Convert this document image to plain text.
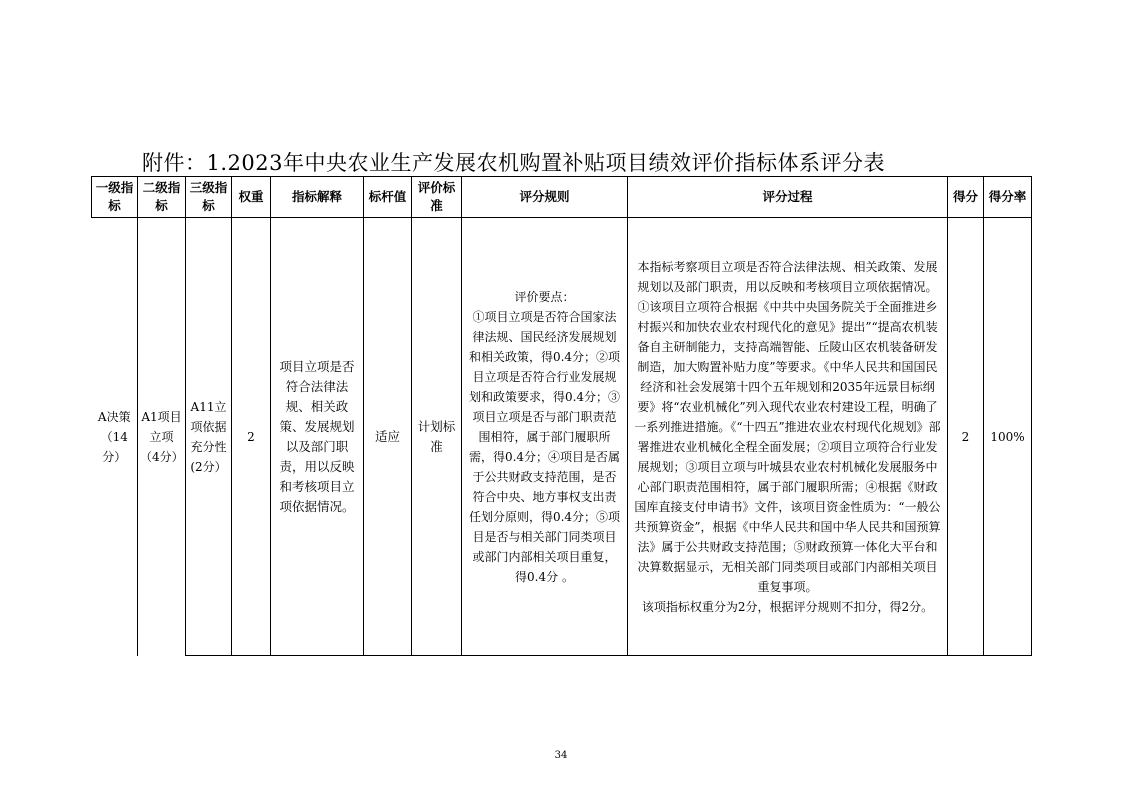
附件：1.2023年中央农业生产发展农机购置补贴项目绩效评价指标体系评分表
一级指标	二级指标	三级指标	权重	指标解释	标杆值	评价标准	评分规则	评分过程	得分	得分率
A决策（14分）	A1项目立项（4分）	A11立项依据充分性(2分）	2	项目立项是否符合法律法规、相关政策、发展规划以及部门职责，用以反映和考核项目立项依据情况。	适应	计划标准	评价要点：
①项目立项是否符合国家法律法规、国民经济发展规划和相关政策，得0.4分；②项目立项是否符合行业发展规划和政策要求，得0.4分；③项目立项是否与部门职责范围相符，属于部门履职所需，得0.4分；④项目是否属于公共财政支持范围，是否符合中央、地方事权支出责任划分原则，得0.4分；⑤项目是否与相关部门同类项目或部门内部相关项目重复，得0.4分 。	本指标考察项目立项是否符合法律法规、相关政策、发展规划以及部门职责，用以反映和考核项目立项依据情况。
①该项目立项符合根据《中共中央国务院关于全面推进乡村振兴和加快农业农村现代化的意见》提出”“提高农机装备自主研制能力，支持高端智能、丘陵山区农机装备研发制造，加大购置补贴力度”等要求。《中华人民共和国国民经济和社会发展第十四个五年规划和2035年远景目标纲要》将“农业机械化”列入现代农业农村建设工程，明确了一系列推进措施。《“十四五”推进农业农村现代化规划》部署推进农业机械化全程全面发展；②项目立项符合行业发展规划；③项目立项与叶城县农业农村机械化发展服务中心部门职责范围相符，属于部门履职所需；④根据《财政国库直接支付申请书》文件，该项目资金性质为：“一般公共预算资金”，根据《中华人民共和国中华人民共和国预算法》属于公共财政支持范围；⑤财政预算一体化大平台和决算数据显示，无相关部门同类项目或部门内部相关项目重复事项。
该项指标权重分为2分，根据评分规则不扣分，得2分。	2	100%
34
